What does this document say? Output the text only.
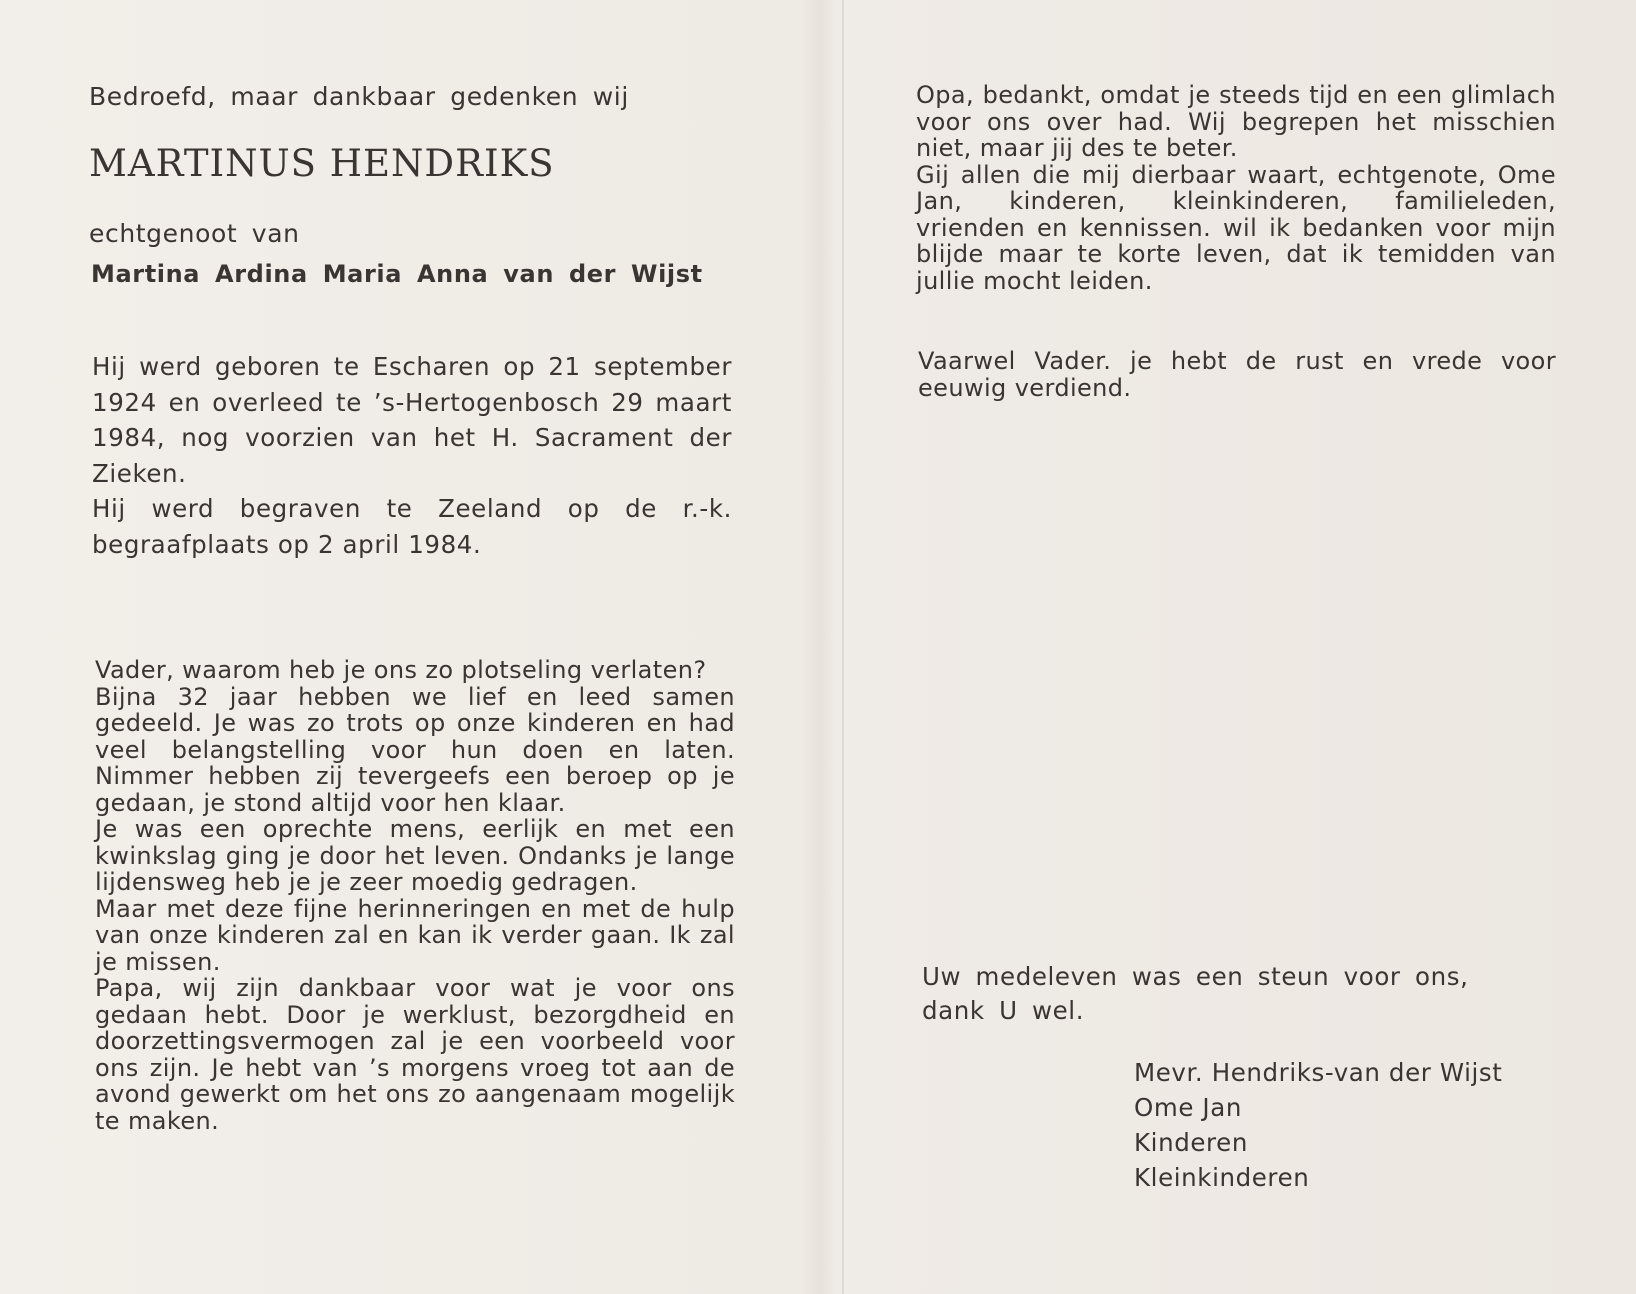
Bedroefd, maar dankbaar gedenken wij
MARTINUS HENDRIKS
echtgenoot van
Martina Ardina Maria Anna van der Wijst

Hij werd geboren te Escharen op 21 september 1924 en overleed te ’s-Hertogenbosch 29 maart 1984, nog voorzien van het H. Sacrament der Zieken.

Hij werd begraven te Zeeland op de r.-k. begraafplaats op 2 april 1984.

Vader, waarom heb je ons zo plotseling verlaten?

Bijna 32 jaar hebben we lief en leed samen gedeeld. Je was zo trots op onze kinderen en had veel belangstelling voor hun doen en laten. Nimmer hebben zij tevergeefs een beroep op je gedaan, je stond altijd voor hen klaar.

Je was een oprechte mens, eerlijk en met een kwinkslag ging je door het leven. Ondanks je lange lijdensweg heb je je zeer moedig gedragen.

Maar met deze fijne herinneringen en met de hulp van onze kinderen zal en kan ik verder gaan. Ik zal je missen.

Papa, wij zijn dankbaar voor wat je voor ons gedaan hebt. Door je werklust, bezorgdheid en doorzettingsvermogen zal je een voorbeeld voor ons zijn. Je hebt van ’s morgens vroeg tot aan de avond gewerkt om het ons zo aangenaam mogelijk te maken.

Opa, bedankt, omdat je steeds tijd en een glimlach voor ons over had. Wij begrepen het misschien niet, maar jij des te beter.

Gij allen die mij dierbaar waart, echtgenote, Ome Jan, kinderen, kleinkinderen, familieleden, vrienden en kennissen. wil ik bedanken voor mijn blijde maar te korte leven, dat ik temidden van jullie mocht leiden.

Vaarwel Vader. je hebt de rust en vrede voor eeuwig verdiend.
Uw medeleven was een steun voor ons,
dank U wel.
Mevr. Hendriks-van der Wijst
Ome Jan
Kinderen
Kleinkinderen
